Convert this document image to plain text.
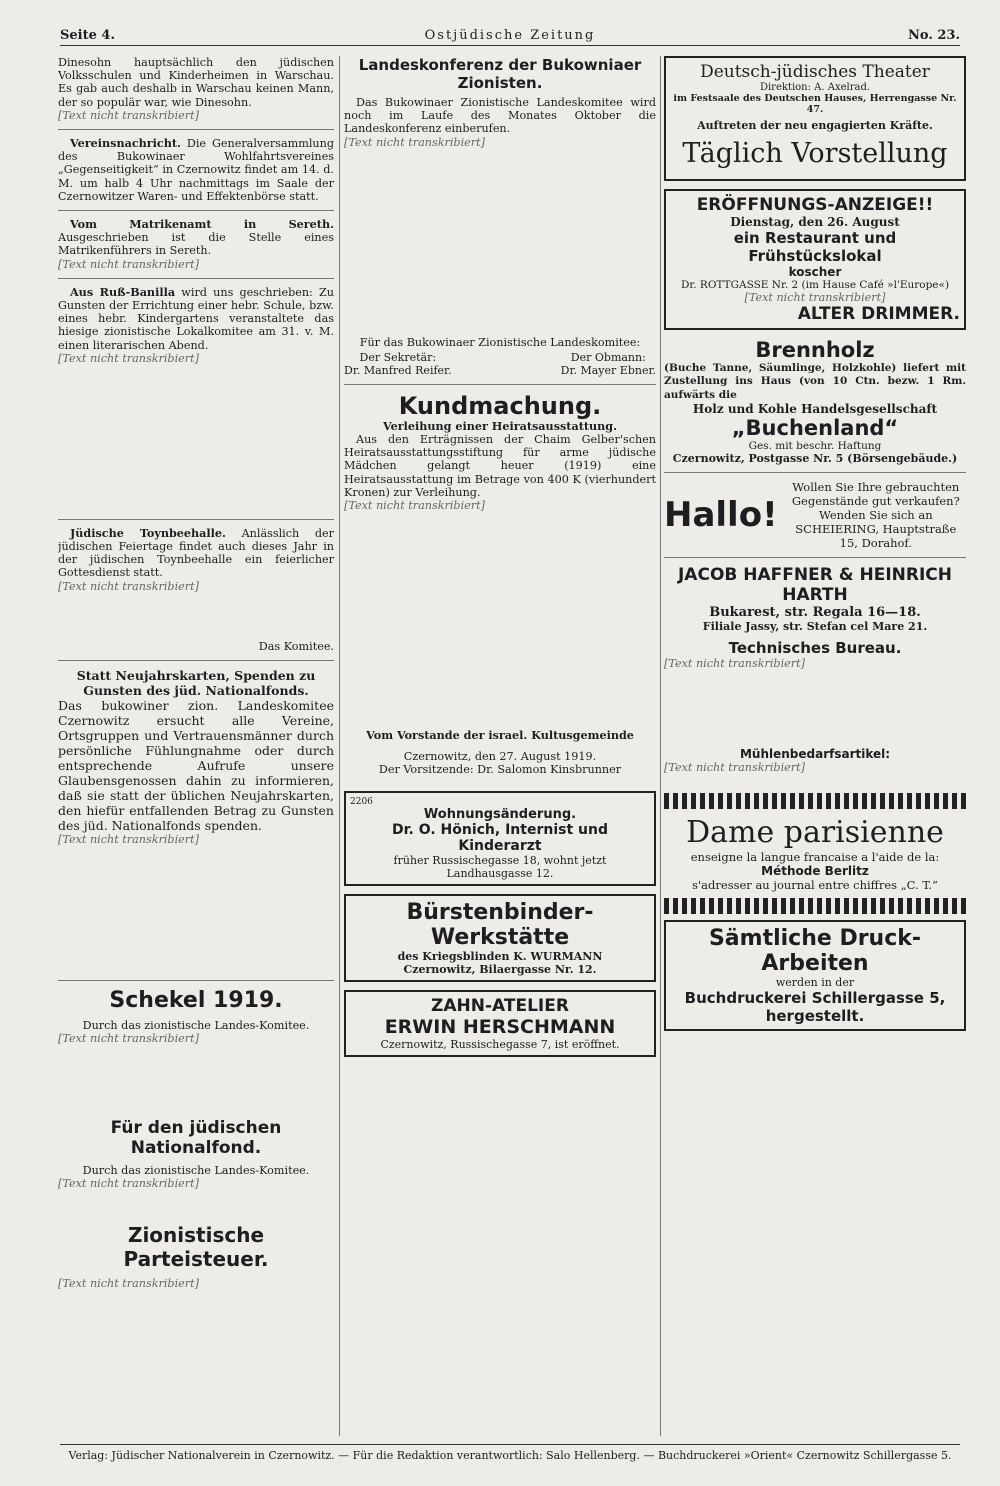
Seite 4.	Ostjüdische Zeitung	No. 23.

Dinesohn hauptsächlich den jüdischen Volksschulen und Kinderheimen in Warschau. Es gab auch deshalb in Warschau keinen Mann, der so populär war, wie Dinesohn.

[Text nicht transkribiert]

Vereinsnachricht. Die Generalversammlung des Bukowinaer Wohlfahrtsvereines „Gegenseitigkeit“ in Czernowitz findet am 14. d. M. um halb 4 Uhr nachmittags im Saale der Czernowitzer Waren- und Effektenbörse statt.

Vom Matrikenamt in Sereth. Ausgeschrieben ist die Stelle eines Matrikenführers in Sereth.

[Text nicht transkribiert]

Aus Ruß-Banilla wird uns geschrieben: Zu Gunsten der Errichtung einer hebr. Schule, bzw. eines hebr. Kindergartens veranstaltete das hiesige zionistische Lokalkomitee am 31. v. M. einen literarischen Abend.

[Text nicht transkribiert]

Jüdische Toynbeehalle. Anlässlich der jüdischen Feiertage findet auch dieses Jahr in der jüdischen Toynbeehalle ein feierlicher Gottesdienst statt.

[Text nicht transkribiert]

Das Komitee.

Statt Neujahrskarten, Spenden zu Gunsten des jüd. Nationalfonds.

Das bukowiner zion. Landeskomitee Czernowitz ersucht alle Vereine, Ortsgruppen und Vertrauensmänner durch persönliche Fühlungnahme oder durch entsprechende Aufrufe unsere Glaubensgenossen dahin zu informieren, daß sie statt der üblichen Neujahrskarten, den hiefür entfallenden Betrag zu Gunsten des jüd. Nationalfonds spenden.

[Text nicht transkribiert]
Schekel 1919.

Durch das zionistische Landes-Komitee.

[Text nicht transkribiert]
Für den jüdischen Nationalfond.

Durch das zionistische Landes-Komitee.

[Text nicht transkribiert]
Zionistische Parteisteuer.
[Text nicht transkribiert]
Landeskonferenz der Bukowniaer Zionisten.

Das Bukowinaer Zionistische Landeskomitee wird noch im Laufe des Monates Oktober die Landeskonferenz einberufen.

[Text nicht transkribiert]

Für das Bukowinaer Zionistische Landeskomitee:

Der Sekretär:
Dr. Manfred Reifer.
Der Obmann:
Dr. Mayer Ebner.
Kundmachung.

Verleihung einer Heiratsausstattung.

Aus den Erträgnissen der Chaim Gelber'schen Heiratsausstattungsstiftung für arme jüdische Mädchen gelangt heuer (1919) eine Heiratsausstattung im Betrage von 400 K (vierhundert Kronen) zur Verleihung.

[Text nicht transkribiert]

Vom Vorstande der israel. Kultusgemeinde

Czernowitz, den 27. August 1919.

Der Vorsitzende: Dr. Salomon Kinsbrunner

2206
Wohnungsänderung.
Dr. O. Hönich, Internist und Kinderarzt
früher Russischegasse 18, wohnt jetzt Landhausgasse 12.
Bürstenbinder-Werkstätte
des Kriegsblinden K. WURMANN
Czernowitz, Bilaergasse Nr. 12.
ZAHN-ATELIER
ERWIN HERSCHMANN
Czernowitz, Russischegasse 7, ist eröffnet.
Deutsch-jüdisches Theater
Direktion: A. Axelrad.
im Festsaale des Deutschen Hauses, Herrengasse Nr. 47.
Auftreten der neu engagierten Kräfte.
Täglich Vorstellung
ERÖFFNUNGS-ANZEIGE!!
Dienstag, den 26. August
ein Restaurant und Frühstückslokal
koscher
Dr. ROTTGASSE Nr. 2 (im Hause Café »l'Europe«)
[Text nicht transkribiert]
ALTER DRIMMER.
Brennholz

(Buche Tanne, Säumlinge, Holzkohle) liefert mit Zustellung ins Haus (von 10 Ctn. bezw. 1 Rm. aufwärts die

Holz und Kohle Handelsgesellschaft
„Buchenland“
Ges. mit beschr. Haftung
Czernowitz, Postgasse Nr. 5 (Börsengebäude.)
Hallo!
Wollen Sie Ihre gebrauchten Gegenstände gut verkaufen?
Wenden Sie sich an SCHEIERING, Hauptstraße 15, Dorahof.
JACOB HAFFNER & HEINRICH HARTH
Bukarest, str. Regala 16—18.
Filiale Jassy, str. Stefan cel Mare 21.
Technisches Bureau.
[Text nicht transkribiert]
Mühlenbedarfsartikel:
[Text nicht transkribiert]
Dame parisienne
enseigne la langue francaise a l'aide de la:
Méthode Berlitz
s'adresser au journal entre chiffres „C. T.“
Sämtliche Druck-Arbeiten
werden in der
Buchdruckerei Schillergasse 5, hergestellt.
Verlag: Jüdischer Nationalverein in Czernowitz. — Für die Redaktion verantwortlich: Salo Hellenberg. — Buchdruckerei »Orient« Czernowitz Schillergasse 5.
